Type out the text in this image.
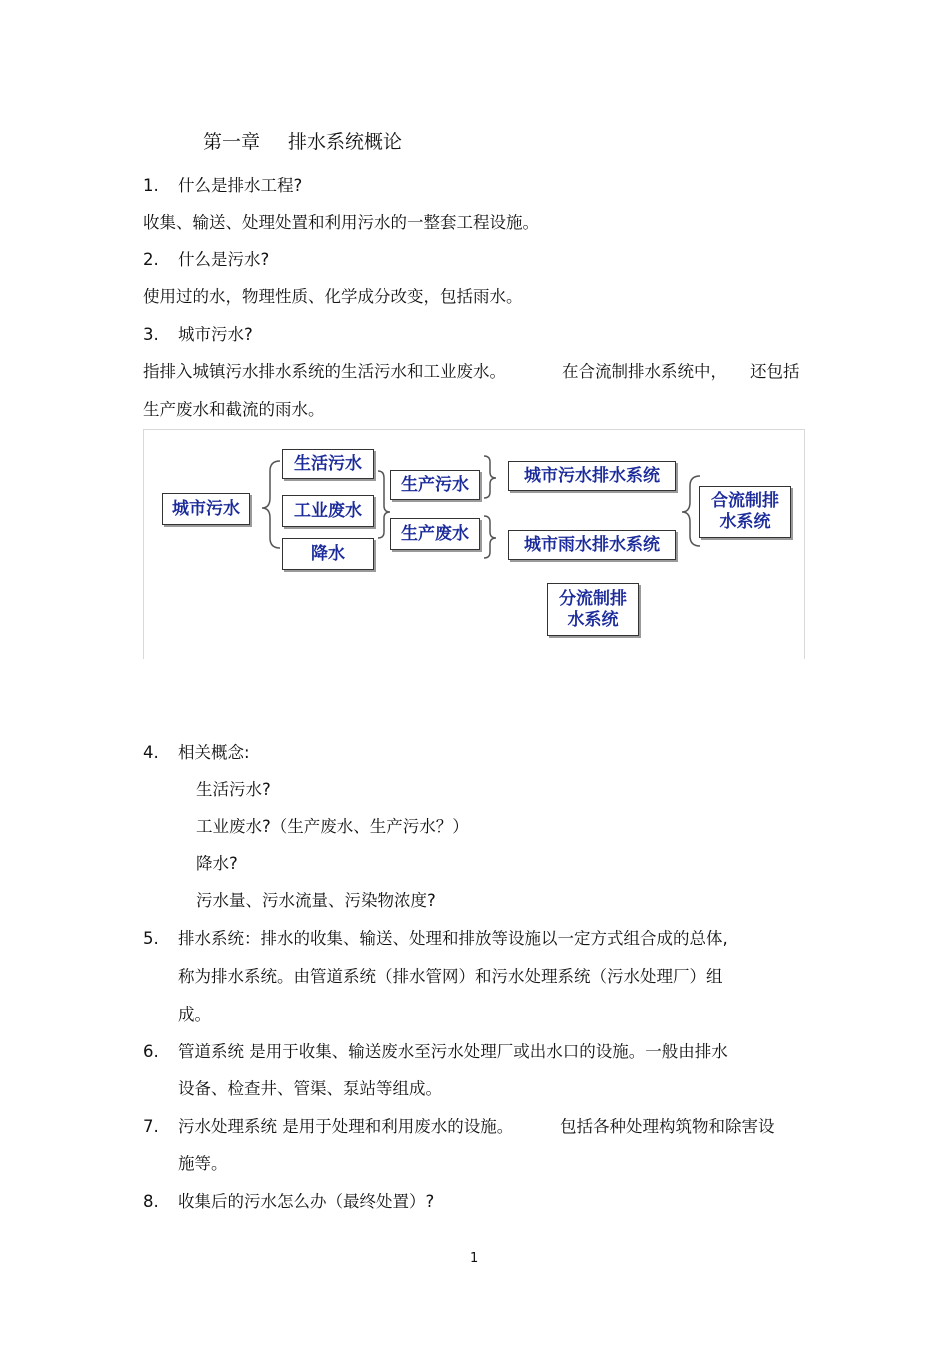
第一章 排水系统概论
1. 什么是排水工程?
收集、输送、处理处置和利用污水的一整套工程设施。
2. 什么是污水?
使用过的水，物理性质、化学成分改变，包括雨水。
3. 城市污水?
指排入城镇污水排水系统的生活污水和工业废水。	在合流制排水系统中， 还包括
生产废水和截流的雨水。
城市污水
生活污水
工业废水
降水
生产污水
生产废水
城市污水排水系统
城市雨水排水系统
合流制排水系统
分流制排水系统
4. 相关概念:
生活污水?
工业废水?（生产废水、生产污水？）
降水?
污水量、污水流量、污染物浓度?
5. 排水系统：排水的收集、输送、处理和排放等设施以一定方式组合成的总体,
称为排水系统。由管道系统（排水管网）和污水处理系统（污水处理厂）组
成。
6. 管道系统 是用于收集、输送废水至污水处理厂或出水口的设施。一般由排水
设备、检查井、管渠、泵站等组成。
7. 污水处理系统 是用于处理和利用废水的设施。	包括各种处理构筑物和除害设
施等。
8. 收集后的污水怎么办（最终处置）?
1
